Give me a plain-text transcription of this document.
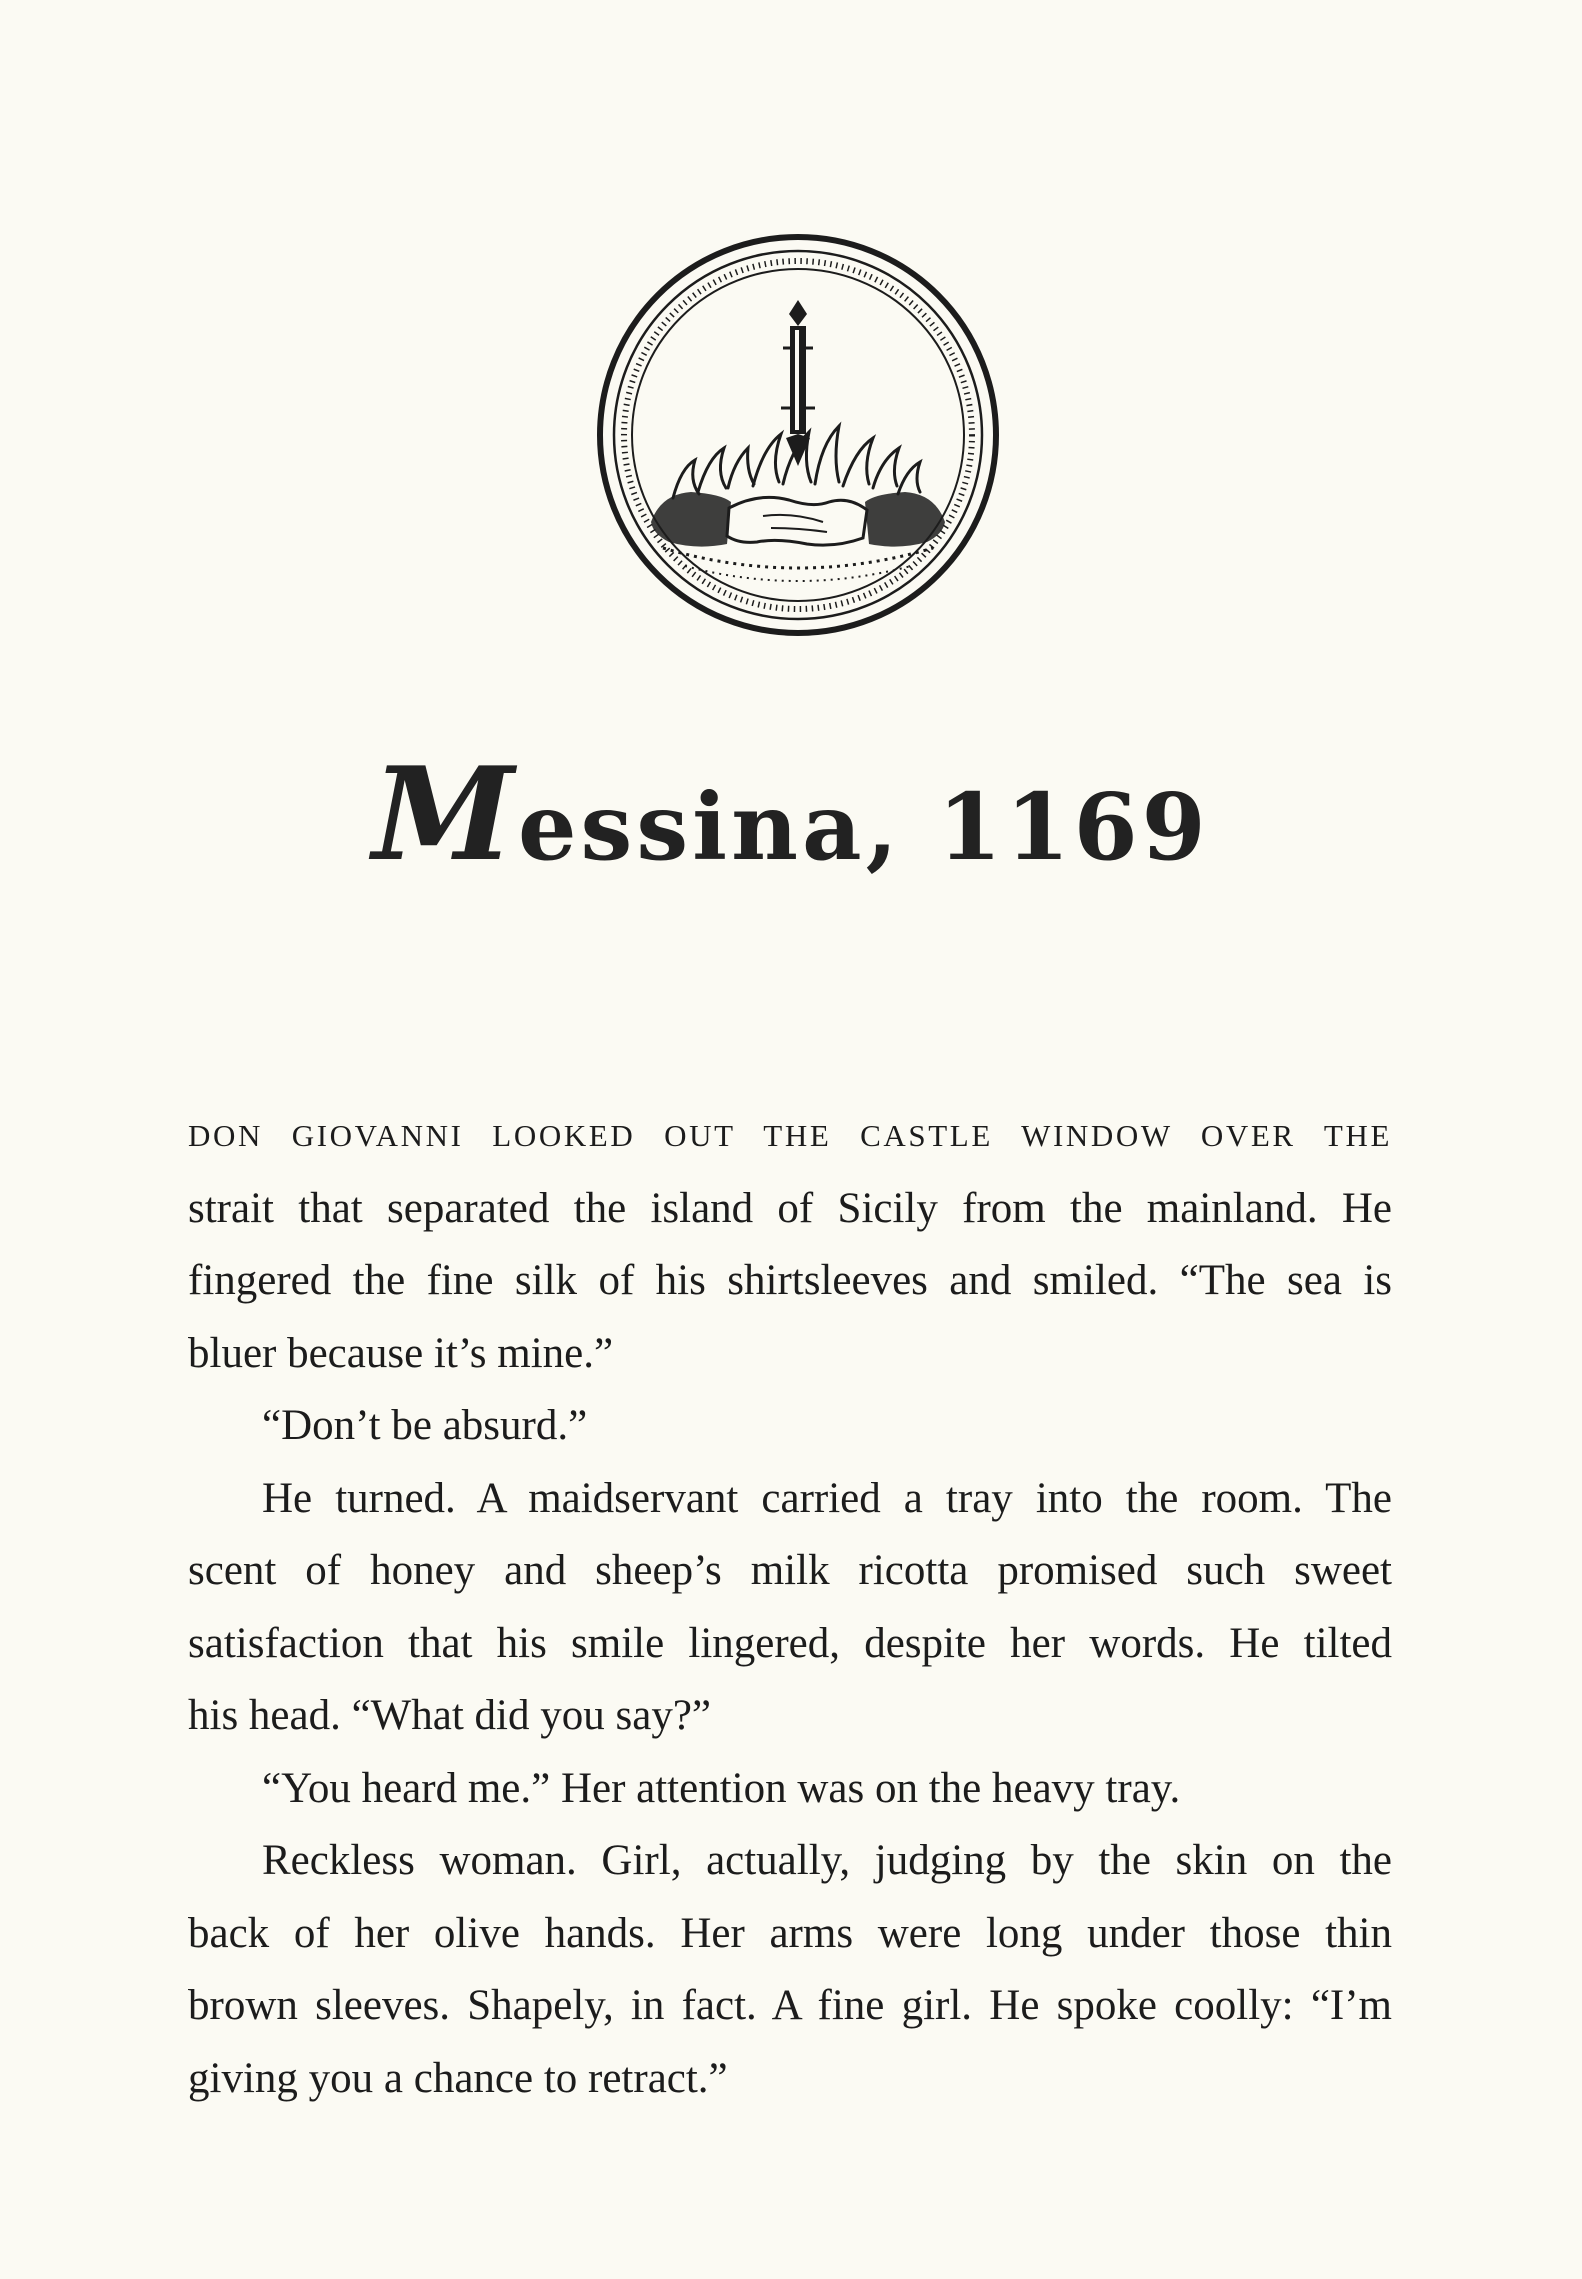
Messina, 1169

DON GIOVANNI LOOKED OUT THE CASTLE WINDOW OVER THE
strait that separated the island of Sicily from the mainland. He
fingered the fine silk of his shirtsleeves and smiled. “The sea is
bluer because it’s mine.”

“Don’t be absurd.”

He turned. A maidservant carried a tray into the room. The
scent of honey and sheep’s milk ricotta promised such sweet
satisfaction that his smile lingered, despite her words. He tilted
his head. “What did you say?”

“You heard me.” Her attention was on the heavy tray.

Reckless woman. Girl, actually, judging by the skin on the
back of her olive hands. Her arms were long under those thin
brown sleeves. Shapely, in fact. A fine girl. He spoke coolly: “I’m
giving you a chance to retract.”
